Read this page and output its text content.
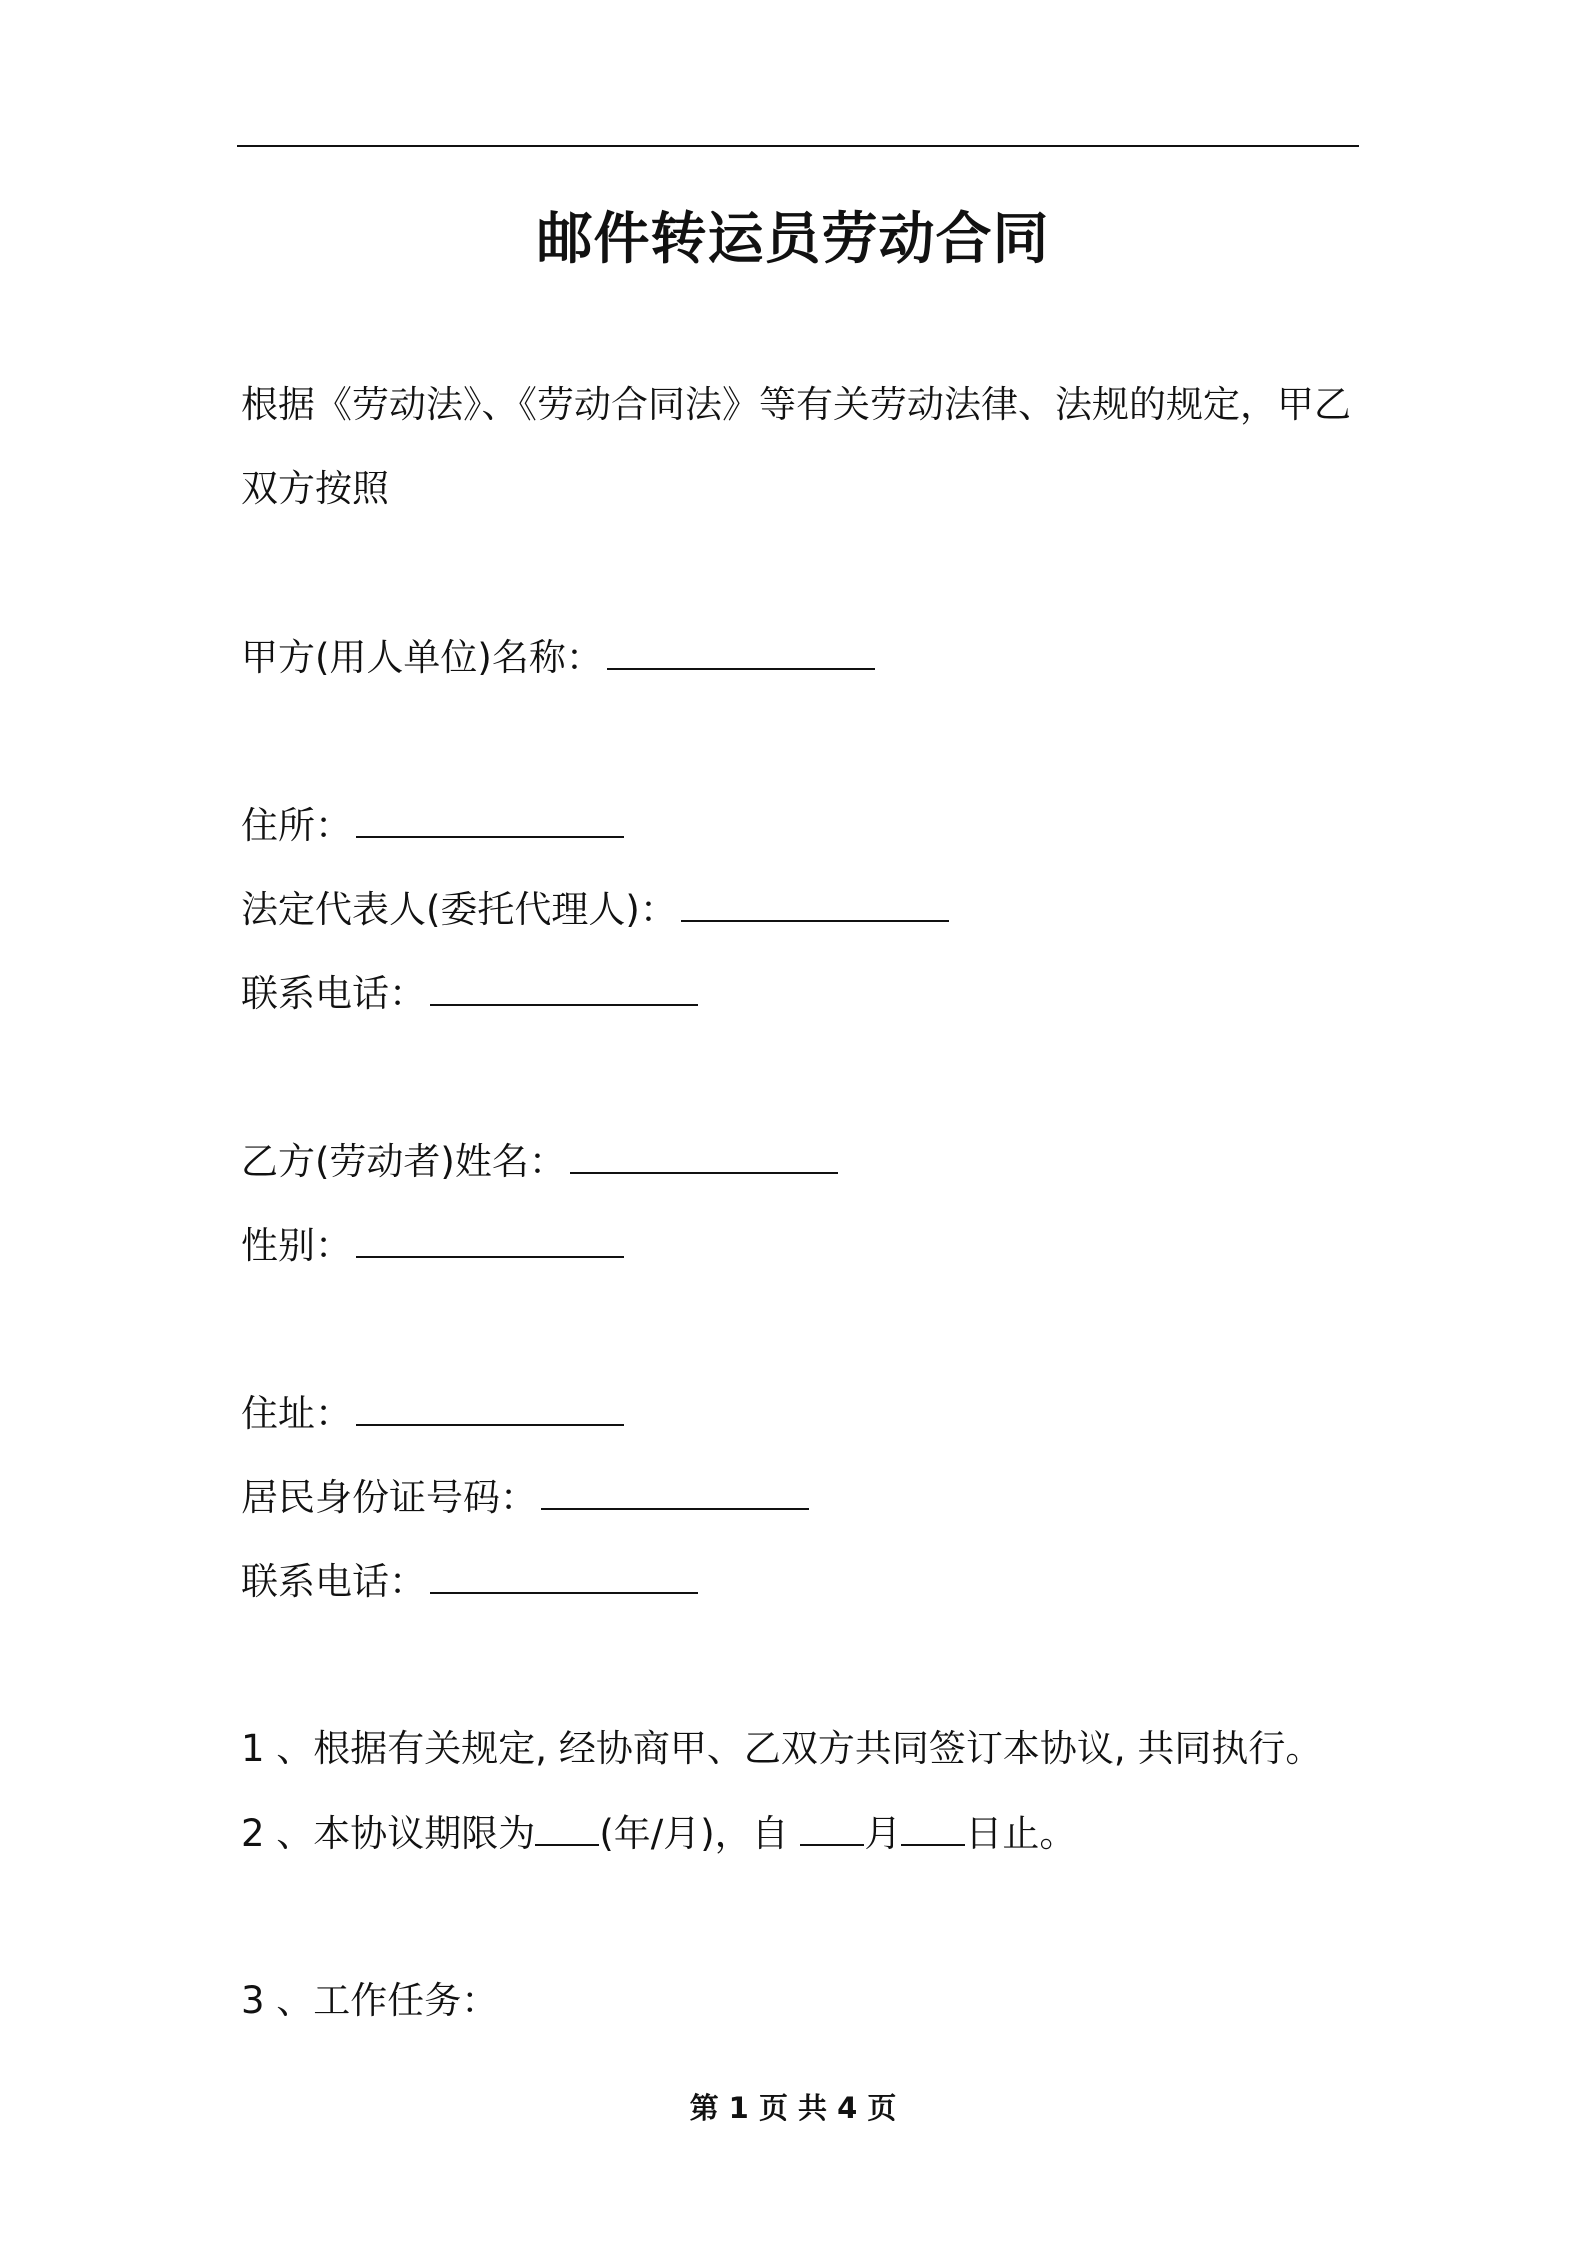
邮件转运员劳动合同
根据《劳动法》、《劳动合同法》等有关劳动法律、法规的规定，甲乙
双方按照
甲方(用人单位)名称：
住所：
法定代表人(委托代理人)：
联系电话：
乙方(劳动者)姓名：
性别：
住址：
居民身份证号码：
联系电话：
1 、根据有关规定, 经协商甲、乙双方共同签订本协议, 共同执行。
2 、本协议期限为 (年/月)，自 月 日止。
3 、工作任务：
第 1 页 共 4 页
